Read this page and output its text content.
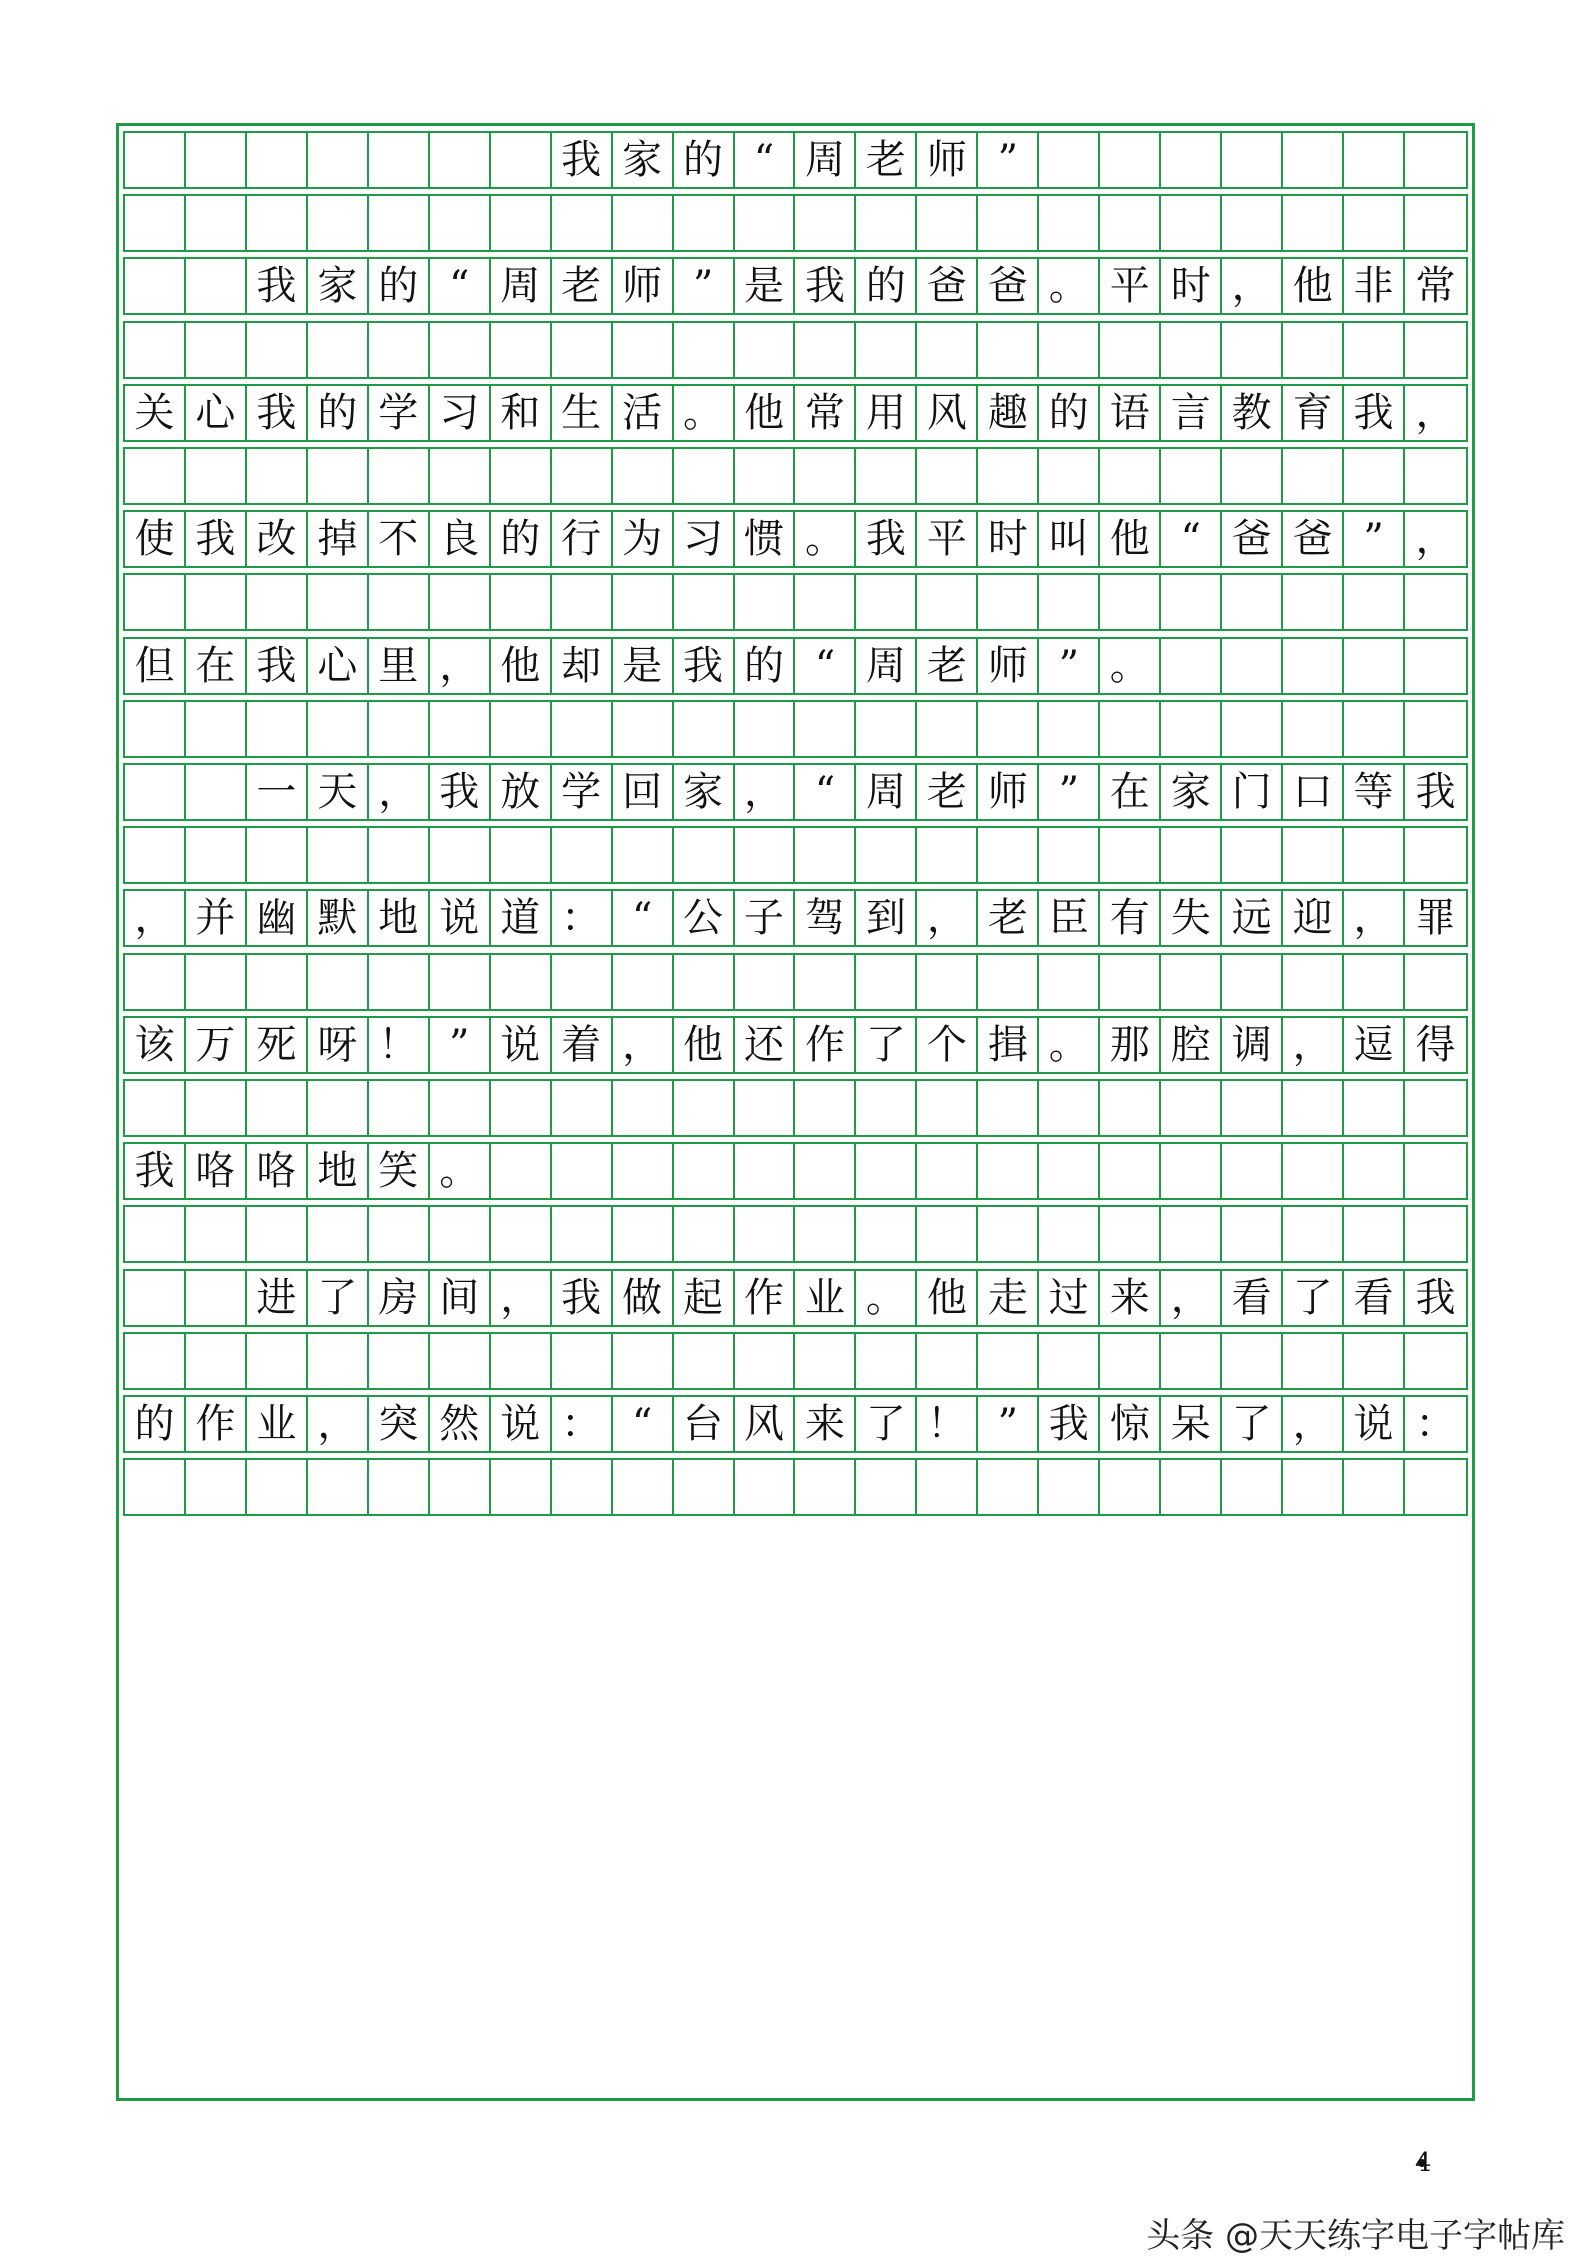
我 家 的 “ 周 老 师 ”

我 家 的 “ 周 老 师 ” 是 我 的 爸 爸 。 平 时 ， 他 非 常
关 心 我 的 学 习 和 生 活 。 他 常 用 风 趣 的 语 言 教 育 我 ，
使 我 改 掉 不 良 的 行 为 习 惯 。 我 平 时 叫 他 “ 爸 爸 ” ，
但 在 我 心 里 ， 他 却 是 我 的 “ 周 老 师 ” 。

一 天 ， 我 放 学 回 家 ， “ 周 老 师 ” 在 家 门 口 等 我
， 并 幽 默 地 说 道 ： “ 公 子 驾 到 ， 老 臣 有 失 远 迎 ， 罪
该 万 死 呀 ！ ” 说 着 ， 他 还 作 了 个 揖 。 那 腔 调 ， 逗 得
我 咯 咯 地 笑 。

进 了 房 间 ， 我 做 起 作 业 。 他 走 过 来 ， 看 了 看 我
的 作 业 ， 突 然 说 ： “ 台 风 来 了 ！ ” 我 惊 呆 了 ， 说 ：
4
头条 @天天练字电子字帖库
